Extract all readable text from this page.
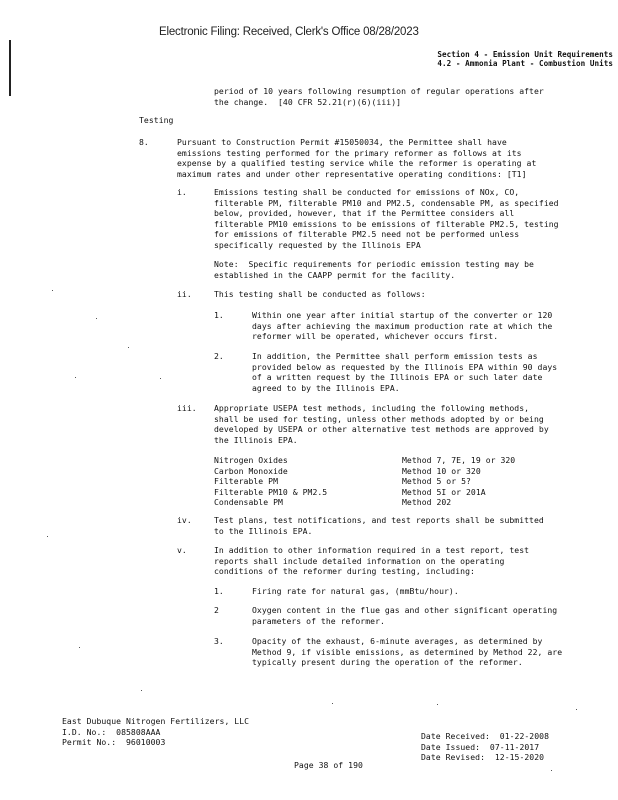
Electronic Filing: Received, Clerk's Office 08/28/2023
Section 4 - Emission Unit Requirements
4.2 - Ammonia Plant - Combustion Units
period of 10 years following resumption of regular operations after
the change.  [40 CFR 52.21(r)(6)(iii)]
Testing
8.	Pursuant to Construction Permit #15050034, the Permittee shall have
emissions testing performed for the primary reformer as follows at its
expense by a qualified testing service while the reformer is operating at
maximum rates and under other representative operating conditions: [T1]
i.	Emissions testing shall be conducted for emissions of NOx, CO,
filterable PM, filterable PM10 and PM2.5, condensable PM, as specified
below, provided, however, that if the Permittee considers all
filterable PM10 emissions to be emissions of filterable PM2.5, testing
for emissions of filterable PM2.5 need not be performed unless
specifically requested by the Illinois EPA
Note:  Specific requirements for periodic emission testing may be
established in the CAAPP permit for the facility.
ii.	This testing shall be conducted as follows:
1.	Within one year after initial startup of the converter or 120
days after achieving the maximum production rate at which the
reformer will be operated, whichever occurs first.
2.	In addition, the Permittee shall perform emission tests as
provided below as requested by the Illinois EPA within 90 days
of a written request by the Illinois EPA or such later date
agreed to by the Illinois EPA.
iii. Appropriate USEPA test methods, including the following methods,
shall be used for testing, unless other methods adopted by or being
developed by USEPA or other alternative test methods are approved by
the Illinois EPA.
Nitrogen Oxides	Method 7, 7E, 19 or 320
Carbon Monoxide	Method 10 or 320
Filterable PM	Method 5 or 5?
Filterable PM10 & PM2.5	Method 5I or 201A
Condensable PM	Method 202
iv.	Test plans, test notifications, and test reports shall be submitted
to the Illinois EPA.
v.	In addition to other information required in a test report, test
reports shall include detailed information on the operating
conditions of the reformer during testing, including:
1.	Firing rate for natural gas, (mmBtu/hour).
2	Oxygen content in the flue gas and other significant operating
parameters of the reformer.
3.	Opacity of the exhaust, 6-minute averages, as determined by
Method 9, if visible emissions, as determined by Method 22, are
typically present during the operation of the reformer.
East Dubuque Nitrogen Fertilizers, LLC
I.D. No.:  085808AAA
Permit No.:  96010003
Date Received:  01-22-2008
Date Issued:  07-11-2017
Date Revised:  12-15-2020
Page 38 of 190
